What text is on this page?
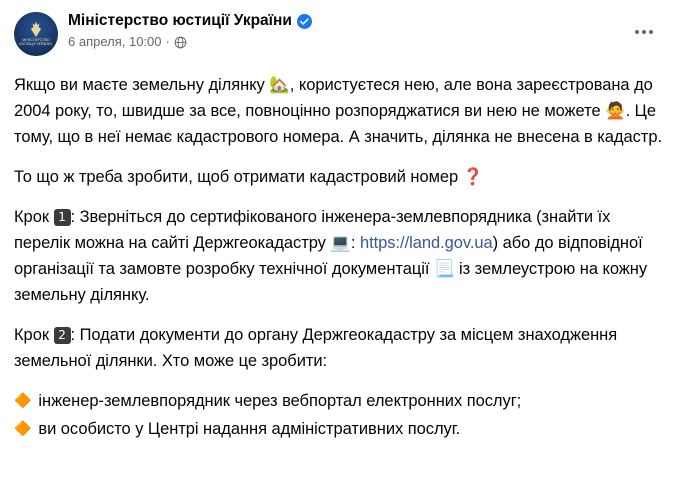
МІНІСТЕРСТВО
ЮСТИЦІЇ УКРАЇНИ
Міністерство юстиції України
6 апреля, 10:00 ·

Якщо ви маєте земельну ділянку 🏡, користуєтеся нею, але вона зареєстрована до 2004 року, то, швидше за все, повноцінно розпоряджатися ви нею не можете 🙅. Це тому, що в неї немає кадастрового номера. А значить, ділянка не внесена в кадастр.

То що ж треба зробити, щоб отримати кадастровий номер ❓

Крок 1 : Зверніться до сертифікованого інженера-землевпорядника (знайти їх перелік можна на сайті Держгеокадастру 💻: https://land.gov.ua) або до відповідної організації та замовте розробку технічної документації 📃 із землеустрою на кожну земельну ділянку.

Крок 2 : Подати документи до органу Держгеокадастру за місцем знаходження земельної ділянки. Хто може це зробити:

🔶 інженер-землевпорядник через вебпортал електронних послуг;
🔶 ви особисто у Центрі надання адміністративних послуг.
